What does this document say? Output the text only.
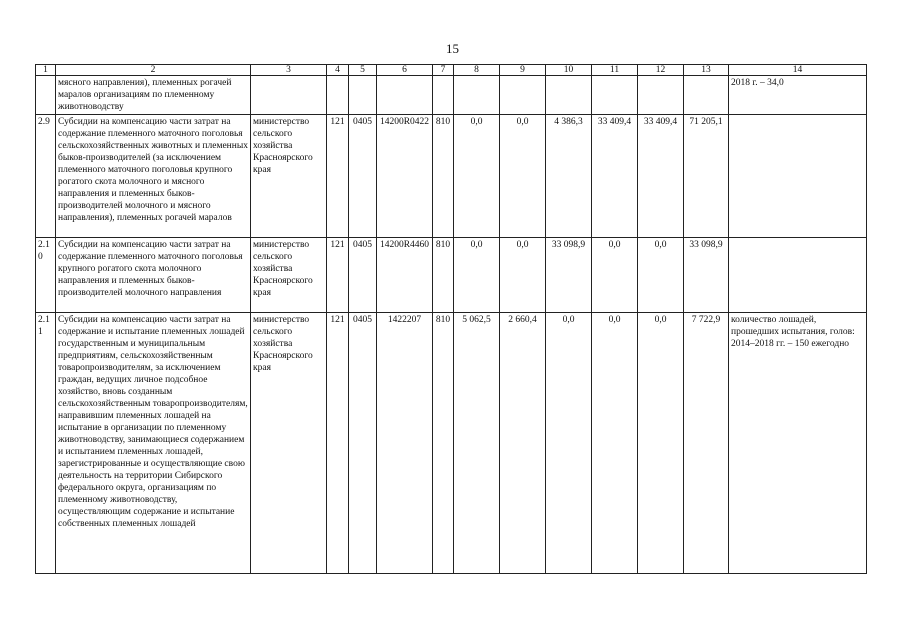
15
1	2	3	4	5	6	7	8	9	10	11	12	13	14
	мясного направления), племенных рогачей маралов организациям по племенному животноводству												2018 г. – 34,0
2.9	Субсидии на компенсацию части затрат на содержание племенного маточного поголовья сельскохозяйственных животных и племенных быков-производителей (за исключением племенного маточного поголовья крупного рогатого скота молочного и мясного направления и племенных быков-производителей молочного и мясного направления), племенных рогачей маралов	министерство сельского хозяйства Красноярского края	121	0405	14200R0422	810	0,0	0,0	4 386,3	33 409,4	33 409,4	71 205,1	
2.10	Субсидии на компенсацию части затрат на содержание племенного маточного поголовья крупного рогатого скота молочного направления и племенных быков-производителей молочного направления	министерство сельского хозяйства Красноярского края	121	0405	14200R4460	810	0,0	0,0	33 098,9	0,0	0,0	33 098,9	
2.11	Субсидии на компенсацию части затрат на содержание и испытание племенных лошадей государственным и муниципальным предприятиям, сельскохозяйственным товаропроизводителям, за исключением граждан, ведущих личное подсобное хозяйство, вновь созданным сельскохозяйственным товаропроизводителям, направившим племенных лошадей на испытание в организации по племенному животноводству, занимающиеся содержанием и испытанием племенных лошадей, зарегистрированные и осуществляющие свою деятельность на территории Сибирского федерального округа, организациям по племенному животноводству, осуществляющим содержание и испытание собственных племенных лошадей	министерство сельского хозяйства Красноярского края	121	0405	1422207	810	5 062,5	2 660,4	0,0	0,0	0,0	7 722,9	количество лошадей, прошедших испытания, голов: 2014–2018 гг. – 150 ежегодно
